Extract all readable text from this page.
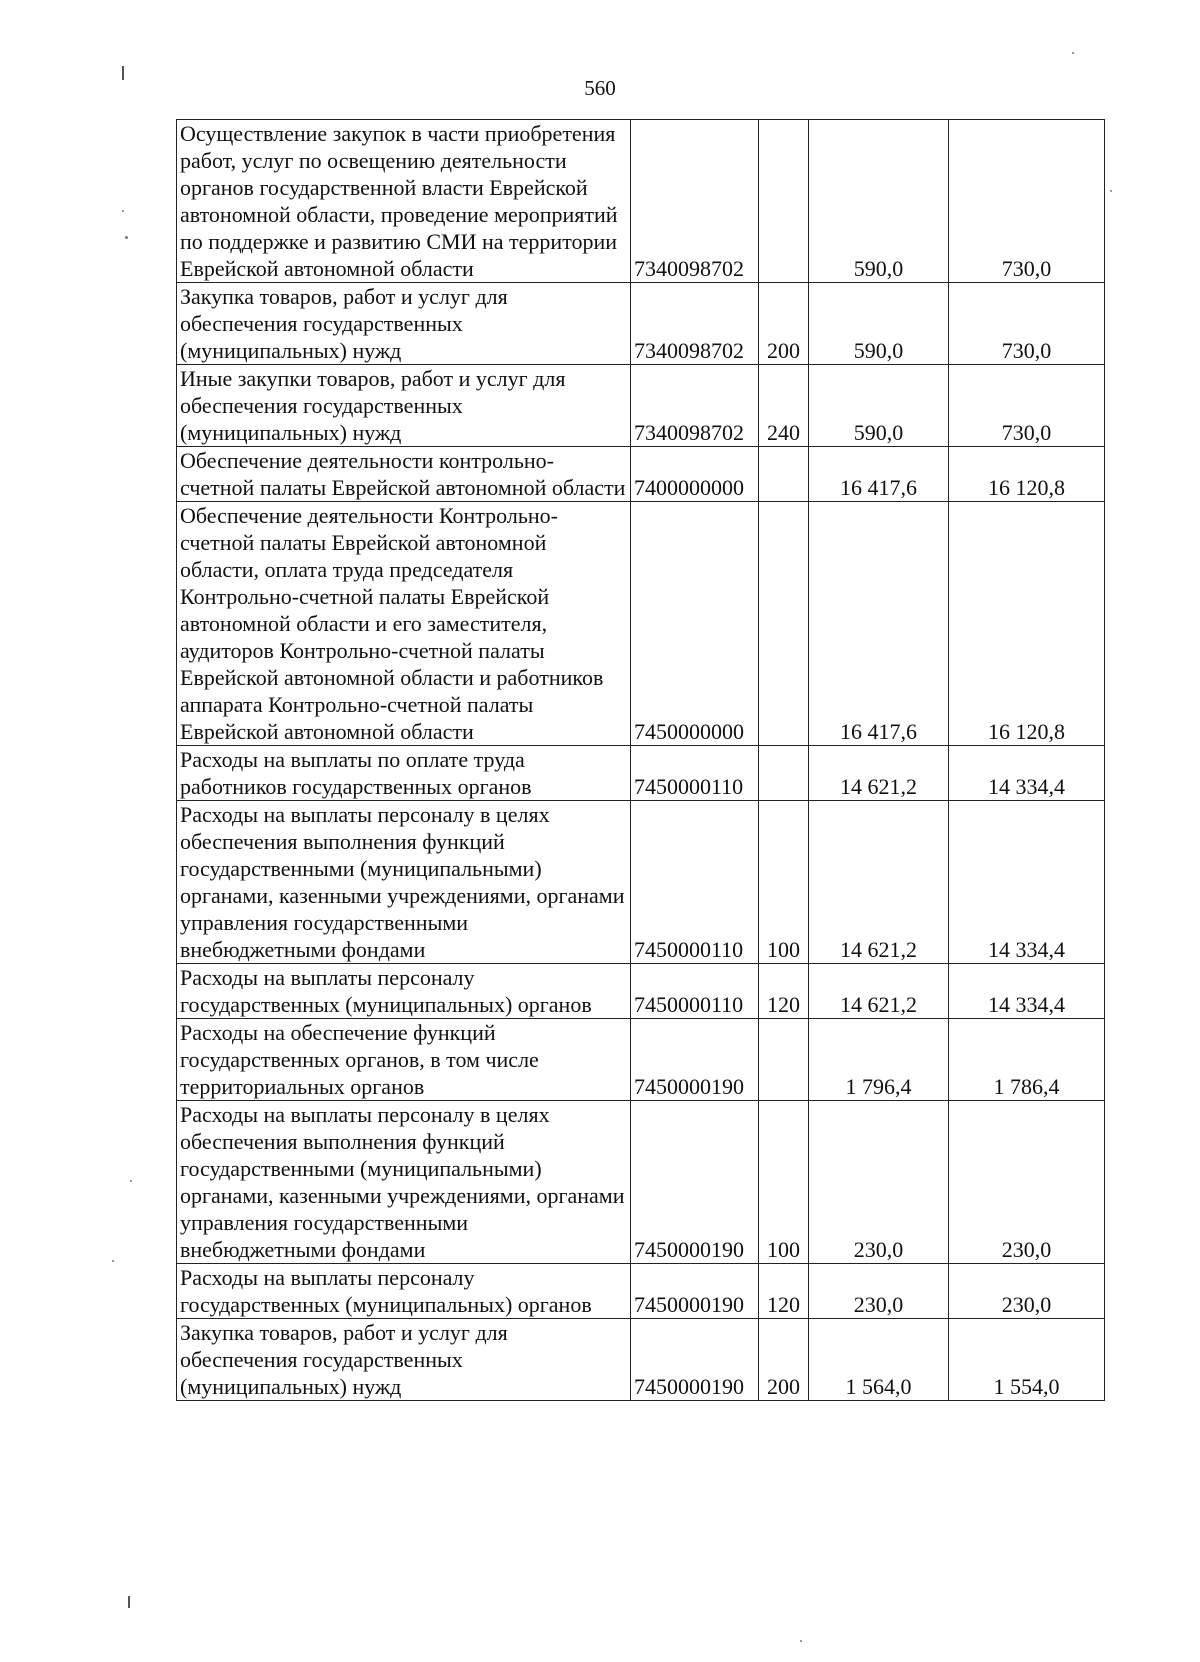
560
Осуществление закупок в части приобретения работ, услуг по освещению деятельности органов государственной власти Еврейской автономной области, проведение мероприятий по поддержке и развитию СМИ на территории Еврейской автономной области	7340098702		590,0	730,0
Закупка товаров, работ и услуг для обеспечения государственных (муниципальных) нужд	7340098702	200	590,0	730,0
Иные закупки товаров, работ и услуг для обеспечения государственных (муниципальных) нужд	7340098702	240	590,0	730,0
Обеспечение деятельности контрольно-счетной палаты Еврейской автономной области	7400000000		16 417,6	16 120,8
Обеспечение деятельности Контрольно-счетной палаты Еврейской автономной области, оплата труда председателя Контрольно-счетной палаты Еврейской автономной области и его заместителя, аудиторов Контрольно-счетной палаты Еврейской автономной области и работников аппарата Контрольно-счетной палаты Еврейской автономной области	7450000000		16 417,6	16 120,8
Расходы на выплаты по оплате труда работников государственных органов	7450000110		14 621,2	14 334,4
Расходы на выплаты персоналу в целях обеспечения выполнения функций государственными (муниципальными) органами, казенными учреждениями, органами управления государственными внебюджетными фондами	7450000110	100	14 621,2	14 334,4
Расходы на выплаты персоналу государственных (муниципальных) органов	7450000110	120	14 621,2	14 334,4
Расходы на обеспечение функций государственных органов, в том числе территориальных органов	7450000190		1 796,4	1 786,4
Расходы на выплаты персоналу в целях обеспечения выполнения функций государственными (муниципальными) органами, казенными учреждениями, органами управления государственными внебюджетными фондами	7450000190	100	230,0	230,0
Расходы на выплаты персоналу государственных (муниципальных) органов	7450000190	120	230,0	230,0
Закупка товаров, работ и услуг для обеспечения государственных (муниципальных) нужд	7450000190	200	1 564,0	1 554,0
